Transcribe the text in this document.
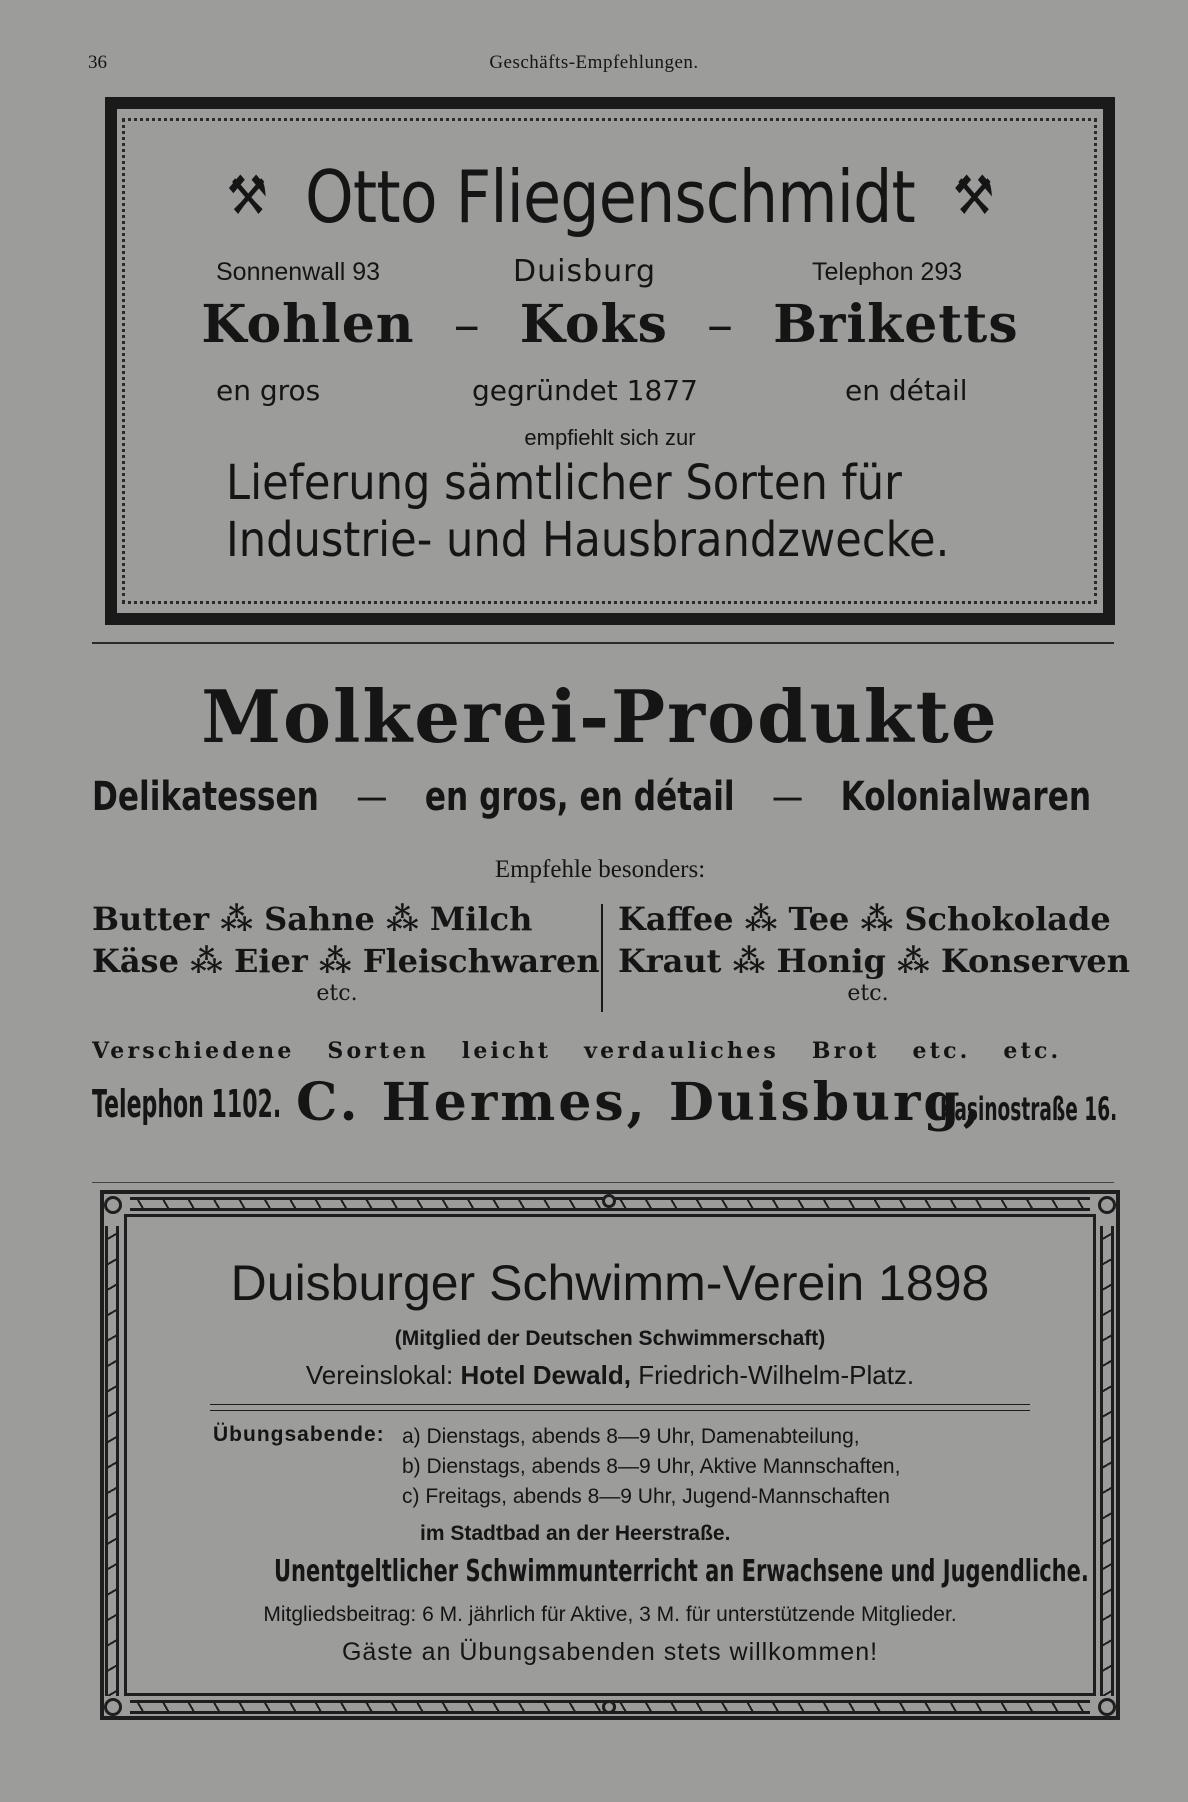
36	Geschäfts-Empfehlungen.
⚒ Otto Fliegenschmidt ⚒
Sonnenwall 93	Duisburg	Telephon 293
Kohlen – Koks – Briketts
en gros	gegründet 1877	en détail
empfiehlt sich zur
Lieferung sämtlicher Sorten für
Industrie- und Hausbrandzwecke.
Molkerei-Produkte
Delikatessen — en gros, en détail — Kolonialwaren
Empfehle besonders:
Butter ⁂ Sahne ⁂ Milch
Käse ⁂ Eier ⁂ Fleischwaren
etc.
Kaffee ⁂ Tee ⁂ Schokolade
Kraut ⁂ Honig ⁂ Konserven
etc.
Verschiedene Sorten leicht verdauliches Brot etc. etc.
Telephon 1102. C. Hermes, Duisburg,
Kasinostraße 16.
Duisburger Schwimm-Verein 1898
(Mitglied der Deutschen Schwimmerschaft)
Vereinslokal: Hotel Dewald, Friedrich-Wilhelm-Platz.
Übungsabende: a) Dienstags, abends 8—9 Uhr, Damenabteilung,
b) Dienstags, abends 8—9 Uhr, Aktive Mannschaften,
c) Freitags, abends 8—9 Uhr, Jugend-Mannschaften
im Stadtbad an der Heerstraße.
Unentgeltlicher Schwimmunterricht an Erwachsene und Jugendliche.
Mitgliedsbeitrag: 6 M. jährlich für Aktive, 3 M. für unterstützende Mitglieder.
Gäste an Übungsabenden stets willkommen!
